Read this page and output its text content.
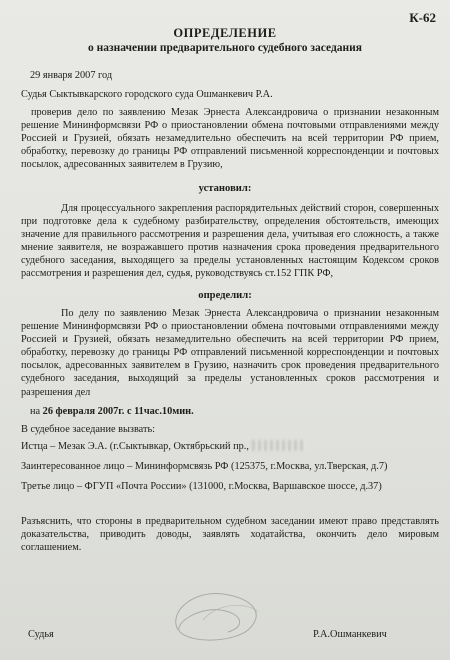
К-62
ОПРЕДЕЛЕНИЕ
о назначении предварительного судебного заседания
29 января 2007 год
Судья Сыктывкарского городского суда Ошманкевич Р.А.
проверив дело по заявлению Мезак Эрнеста Александровича о признании незаконным решение Мининформсвязи РФ о приостановлении обмена почтовыми отправлениями между Россией и Грузией, обязать незамедлительно обеспечить на всей территории РФ прием, обработку, перевозку до границы РФ отправлений письменной корреспонденции и почтовых посылок, адресованных заявителем в Грузию,
установил:
Для процессуального закрепления распорядительных действий сторон, совершенных при подготовке дела к судебному разбирательству, определения обстоятельств, имеющих значение для правильного рассмотрения и разрешения дела, учитывая его сложность, а также мнение заявителя, не возражавшего против назначения срока проведения предварительного судебного заседания, выходящего за пределы установленных настоящим Кодексом сроков рассмотрения и разрешения дел, судья, руководствуясь ст.152 ГПК РФ,
определил:
По делу по заявлению Мезак Эрнеста Александровича о признании незаконным решение Мининформсвязи РФ о приостановлении обмена почтовыми отправлениями между Россией и Грузией, обязать незамедлительно обеспечить на всей территории РФ прием, обработку, перевозку до границы РФ отправлений письменной корреспонденции и почтовых посылок, адресованных заявителем в Грузию, назначить срок проведения предварительного судебного заседания, выходящий за пределы установленных сроков рассмотрения и разрешения дел
на 26 февраля 2007г. с 11час.10мин.
В судебное заседание вызвать:
Истца – Мезак Э.А. (г.Сыктывкар, Октябрьский пр.,
Заинтересованное лицо – Мининформсвязь РФ (125375, г.Москва, ул.Тверская, д.7)
Третье лицо – ФГУП «Почта России» (131000, г.Москва, Варшавское шоссе, д.37)
Разъяснить, что стороны в предварительном судебном заседании имеют право представлять доказательства, приводить доводы, заявлять ходатайства, окончить дело мировым соглашением.
Судья	Р.А.Ошманкевич
